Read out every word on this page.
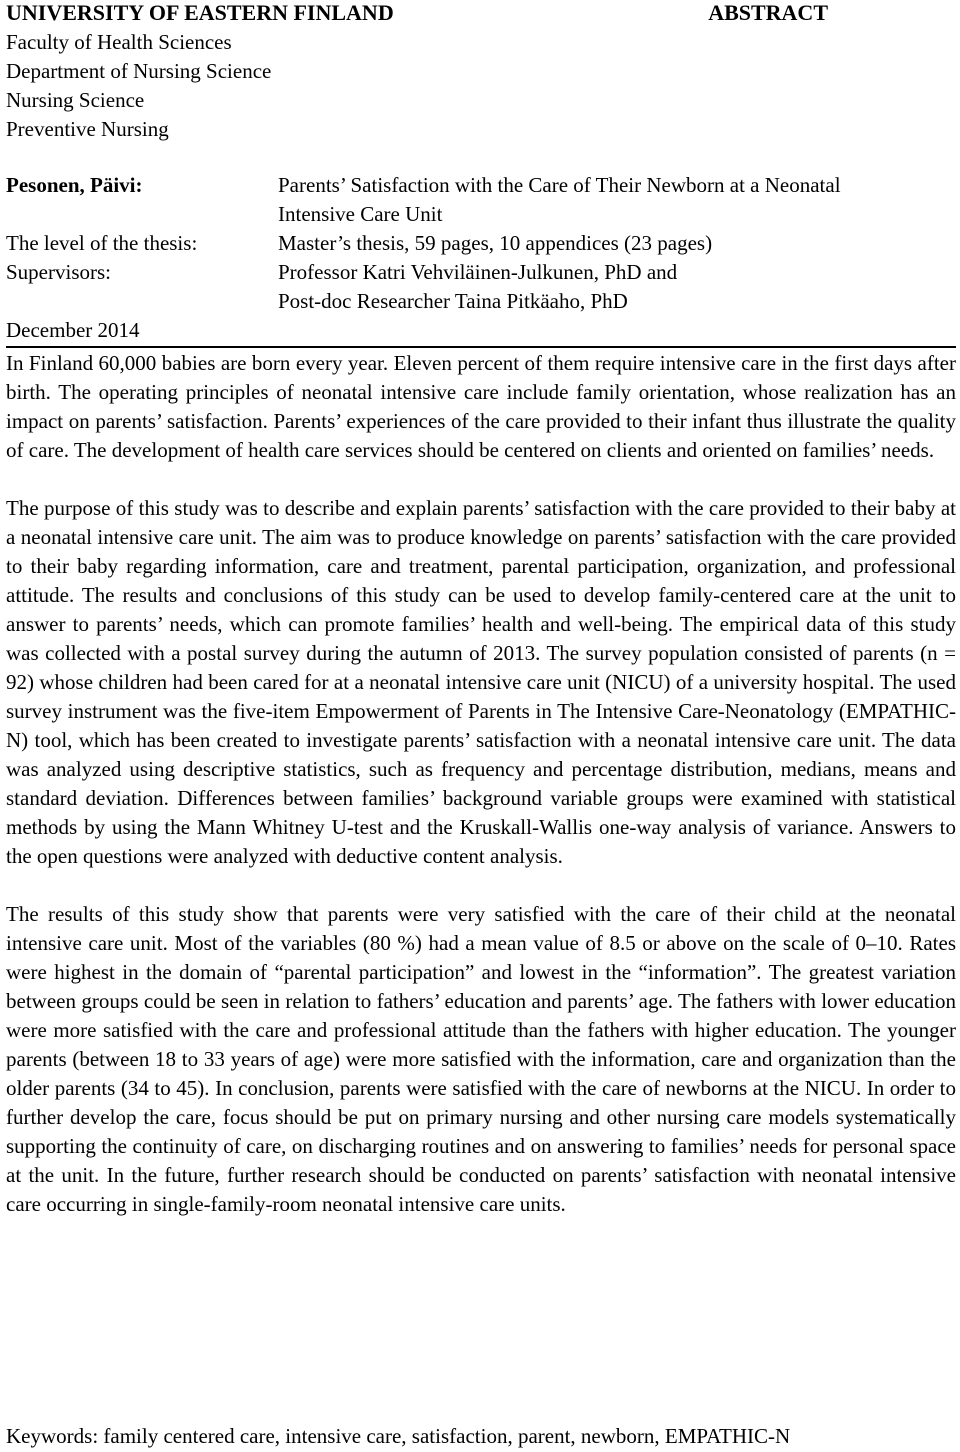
UNIVERSITY OF EASTERN FINLAND	ABSTRACT
Faculty of Health Sciences
Department of Nursing Science
Nursing Science
Preventive Nursing
Pesonen, Päivi:	Parents’ Satisfaction with the Care of Their Newborn at a Neonatal
Intensive Care Unit
The level of the thesis:	Master’s thesis, 59 pages, 10 appendices (23 pages)
Supervisors:	Professor Katri Vehviläinen-Julkunen, PhD and
Post-doc Researcher Taina Pitkäaho, PhD
December 2014

In Finland 60,000 babies are born every year. Eleven percent of them require intensive care in the first days after birth. The operating principles of neonatal intensive care include family orientation, whose realization has an impact on parents’ satisfaction. Parents’ experiences of the care provided to their infant thus illustrate the quality of care. The development of health care services should be centered on clients and oriented on families’ needs.

The purpose of this study was to describe and explain parents’ satisfaction with the care provided to their baby at a neonatal intensive care unit. The aim was to produce knowledge on parents’ satisfaction with the care provided to their baby regarding information, care and treatment, parental participation, organization, and professional attitude. The results and conclusions of this study can be used to develop family-centered care at the unit to answer to parents’ needs, which can promote families’ health and well-being. The empirical data of this study was collected with a postal survey during the autumn of 2013. The survey population consisted of parents (n = 92) whose children had been cared for at a neonatal intensive care unit (NICU) of a university hospital. The used survey instrument was the five-item Empowerment of Parents in The Intensive Care-Neonatology (EMPATHIC-N) tool, which has been created to investigate parents’ satisfaction with a neonatal intensive care unit. The data was analyzed using descriptive statistics, such as frequency and percentage distribution, medians, means and standard deviation. Differences between families’ background variable groups were examined with statistical methods by using the Mann Whitney U-test and the Kruskall-Wallis one-way analysis of variance. Answers to the open questions were analyzed with deductive content analysis.

The results of this study show that parents were very satisfied with the care of their child at the neonatal intensive care unit. Most of the variables (80 %) had a mean value of 8.5 or above on the scale of 0–10. Rates were highest in the domain of “parental participation” and lowest in the “information”. The greatest variation between groups could be seen in relation to fathers’ education and parents’ age. The fathers with lower education were more satisfied with the care and professional attitude than the fathers with higher education. The younger parents (between 18 to 33 years of age) were more satisfied with the information, care and organization than the older parents (34 to 45). In conclusion, parents were satisfied with the care of newborns at the NICU. In order to further develop the care, focus should be put on primary nursing and other nursing care models systematically supporting the continuity of care, on discharging routines and on answering to families’ needs for personal space at the unit. In the future, further research should be conducted on parents’ satisfaction with neonatal intensive care occurring in single-family-room neonatal intensive care units.

Keywords: family centered care, intensive care, satisfaction, parent, newborn, EMPATHIC-N
